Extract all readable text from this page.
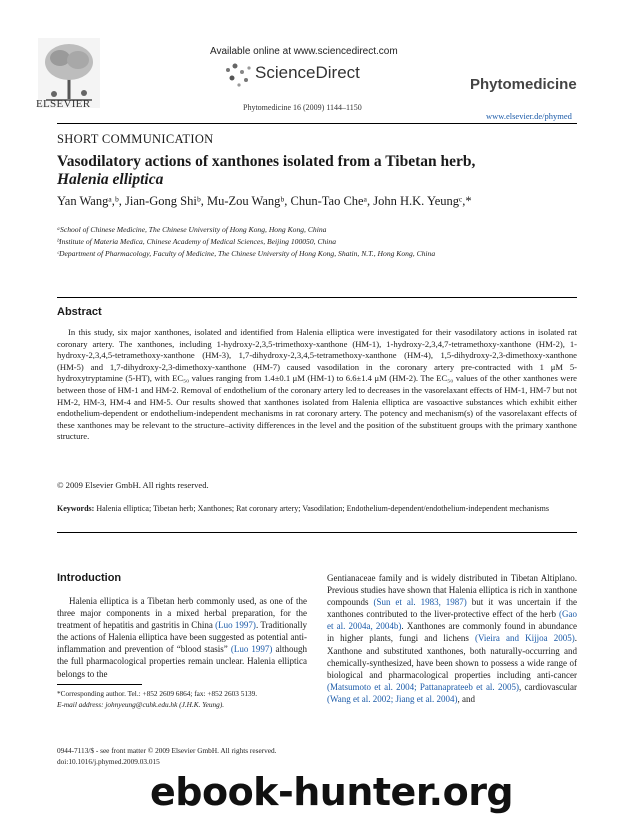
ELSEVIER
Available online at www.sciencedirect.com
ScienceDirect
Phytomedicine 16 (2009) 1144–1150
Phytomedicine
www.elsevier.de/phymed
SHORT COMMUNICATION
Vasodilatory actions of xanthones isolated from a Tibetan herb,
Halenia elliptica
Yan Wangᵃ,ᵇ, Jian-Gong Shiᵇ, Mu-Zou Wangᵇ, Chun-Tao Cheᵃ, John H.K. Yeungᶜ,*
ᵃSchool of Chinese Medicine, The Chinese University of Hong Kong, Hong Kong, China
ᵇInstitute of Materia Medica, Chinese Academy of Medical Sciences, Beijing 100050, China
ᶜDepartment of Pharmacology, Faculty of Medicine, The Chinese University of Hong Kong, Shatin, N.T., Hong Kong, China
Abstract
In this study, six major xanthones, isolated and identified from Halenia elliptica were investigated for their vasodilatory actions in isolated rat coronary artery. The xanthones, including 1-hydroxy-2,3,5-trimethoxy-xanthone (HM-1), 1-hydroxy-2,3,4,7-tetramethoxy-xanthone (HM-2), 1-hydroxy-2,3,4,5-tetramethoxy-xanthone (HM-3), 1,7-dihydroxy-2,3,4,5-tetramethoxy-xanthone (HM-4), 1,5-dihydroxy-2,3-dimethoxy-xanthone (HM-5) and 1,7-dihydroxy-2,3-dimethoxy-xanthone (HM-7) caused vasodilation in the coronary artery pre-contracted with 1 μM 5-hydroxytryptamine (5-HT), with EC₅₀ values ranging from 1.4±0.1 μM (HM-1) to 6.6±1.4 μM (HM-2). The EC₅₀ values of the other xanthones were between those of HM-1 and HM-2. Removal of endothelium of the coronary artery led to decreases in the vasorelaxant effects of HM-1, HM-7 but not HM-2, HM-3, HM-4 and HM-5. Our results showed that xanthones isolated from Halenia elliptica are vasoactive substances which exhibit either endothelium-dependent or endothelium-independent mechanisms in rat coronary artery. The potency and mechanism(s) of the vasorelaxant effects of these xanthones may be relevant to the structure–activity differences in the level and the position of the substituent groups with the primary xanthone structure.
© 2009 Elsevier GmbH. All rights reserved.
Keywords: Halenia elliptica; Tibetan herb; Xanthones; Rat coronary artery; Vasodilation; Endothelium-dependent/endothelium-independent mechanisms
Introduction
Halenia elliptica is a Tibetan herb commonly used, as one of the three major components in a mixed herbal preparation, for the treatment of hepatitis and gastritis in China (Luo 1997). Traditionally the actions of Halenia elliptica have been suggested as potential anti-inflammation and prevention of “blood stasis” (Luo 1997) although the full pharmacological properties remain unclear. Halenia elliptica belongs to the
Gentianaceae family and is widely distributed in Tibetan Altiplano. Previous studies have shown that Halenia elliptica is rich in xanthone compounds (Sun et al. 1983, 1987) but it was uncertain if the xanthones contributed to the liver-protective effect of the herb (Gao et al. 2004a, 2004b). Xanthones are commonly found in abundance in higher plants, fungi and lichens (Vieira and Kijjoa 2005). Xanthone and substituted xanthones, both naturally-occurring and chemically-synthesized, have been shown to possess a wide range of biological and pharmacological properties including anti-cancer (Matsumoto et al. 2004; Pattanaprateeb et al. 2005), cardiovascular (Wang et al. 2002; Jiang et al. 2004), and
*Corresponding author. Tel.: +852 2609 6864; fax: +852 2603 5139.
E-mail address: johnyeung@cuhk.edu.hk (J.H.K. Yeung).
0944-7113/$ - see front matter © 2009 Elsevier GmbH. All rights reserved.
doi:10.1016/j.phymed.2009.03.015
ebook-hunter.org
